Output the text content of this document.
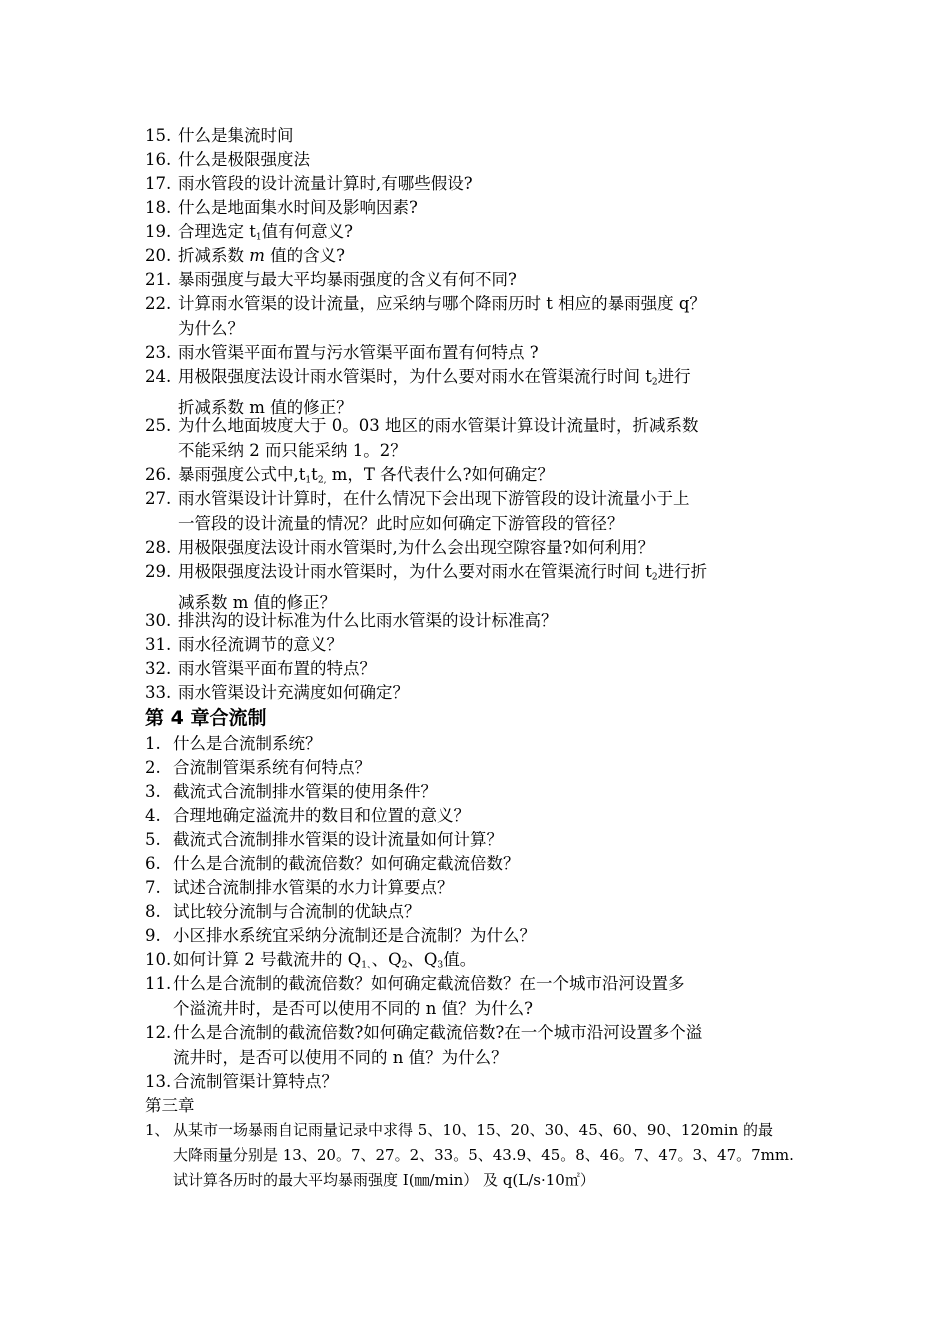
15. 什么是集流时间
16. 什么是极限强度法
17. 雨水管段的设计流量计算时,有哪些假设?
18. 什么是地面集水时间及影响因素?
19. 合理选定 t1值有何意义?
20. 折减系数 m 值的含义?
21. 暴雨强度与最大平均暴雨强度的含义有何不同?
22. 计算雨水管渠的设计流量，应采纳与哪个降雨历时 t 相应的暴雨强度 q？
为什么？
23. 雨水管渠平面布置与污水管渠平面布置有何特点 ?
24. 用极限强度法设计雨水管渠时，为什么要对雨水在管渠流行时间 t2进行
折减系数 m 值的修正？
25. 为什么地面坡度大于 0。03 地区的雨水管渠计算设计流量时，折减系数
不能采纳 2 而只能采纳 1。2？
26. 暴雨强度公式中,t1t2, m，T 各代表什么?如何确定？
27. 雨水管渠设计计算时，在什么情况下会出现下游管段的设计流量小于上
一管段的设计流量的情况？此时应如何确定下游管段的管径？
28. 用极限强度法设计雨水管渠时,为什么会出现空隙容量?如何利用？
29. 用极限强度法设计雨水管渠时，为什么要对雨水在管渠流行时间 t2进行折
减系数 m 值的修正？
30. 排洪沟的设计标准为什么比雨水管渠的设计标准高？
31. 雨水径流调节的意义？
32. 雨水管渠平面布置的特点？
33. 雨水管渠设计充满度如何确定？
第 4 章合流制
1. 什么是合流制系统？
2. 合流制管渠系统有何特点？
3. 截流式合流制排水管渠的使用条件？
4. 合理地确定溢流井的数目和位置的意义？
5. 截流式合流制排水管渠的设计流量如何计算？
6. 什么是合流制的截流倍数？如何确定截流倍数？
7. 试述合流制排水管渠的水力计算要点？
8. 试比较分流制与合流制的优缺点？
9. 小区排水系统宜采纳分流制还是合流制？为什么？
10. 如何计算 2 号截流井的 Q1、、Q2、Q3值。
11. 什么是合流制的截流倍数？如何确定截流倍数？在一个城市沿河设置多
个溢流井时，是否可以使用不同的 n 值？为什么?
12. 什么是合流制的截流倍数?如何确定截流倍数?在一个城市沿河设置多个溢
流井时，是否可以使用不同的 n 值？为什么？
13. 合流制管渠计算特点？
第三章
1、 从某市一场暴雨自记雨量记录中求得 5、10、15、20、30、45、60、90、120min 的最
大降雨量分别是 13、20。7、27。2、33。5、43.9、45。8、46。7、47。3、47。7mm.
试计算各历时的最大平均暴雨强度 I(㎜/min） 及 q(L/s·10㎡）
